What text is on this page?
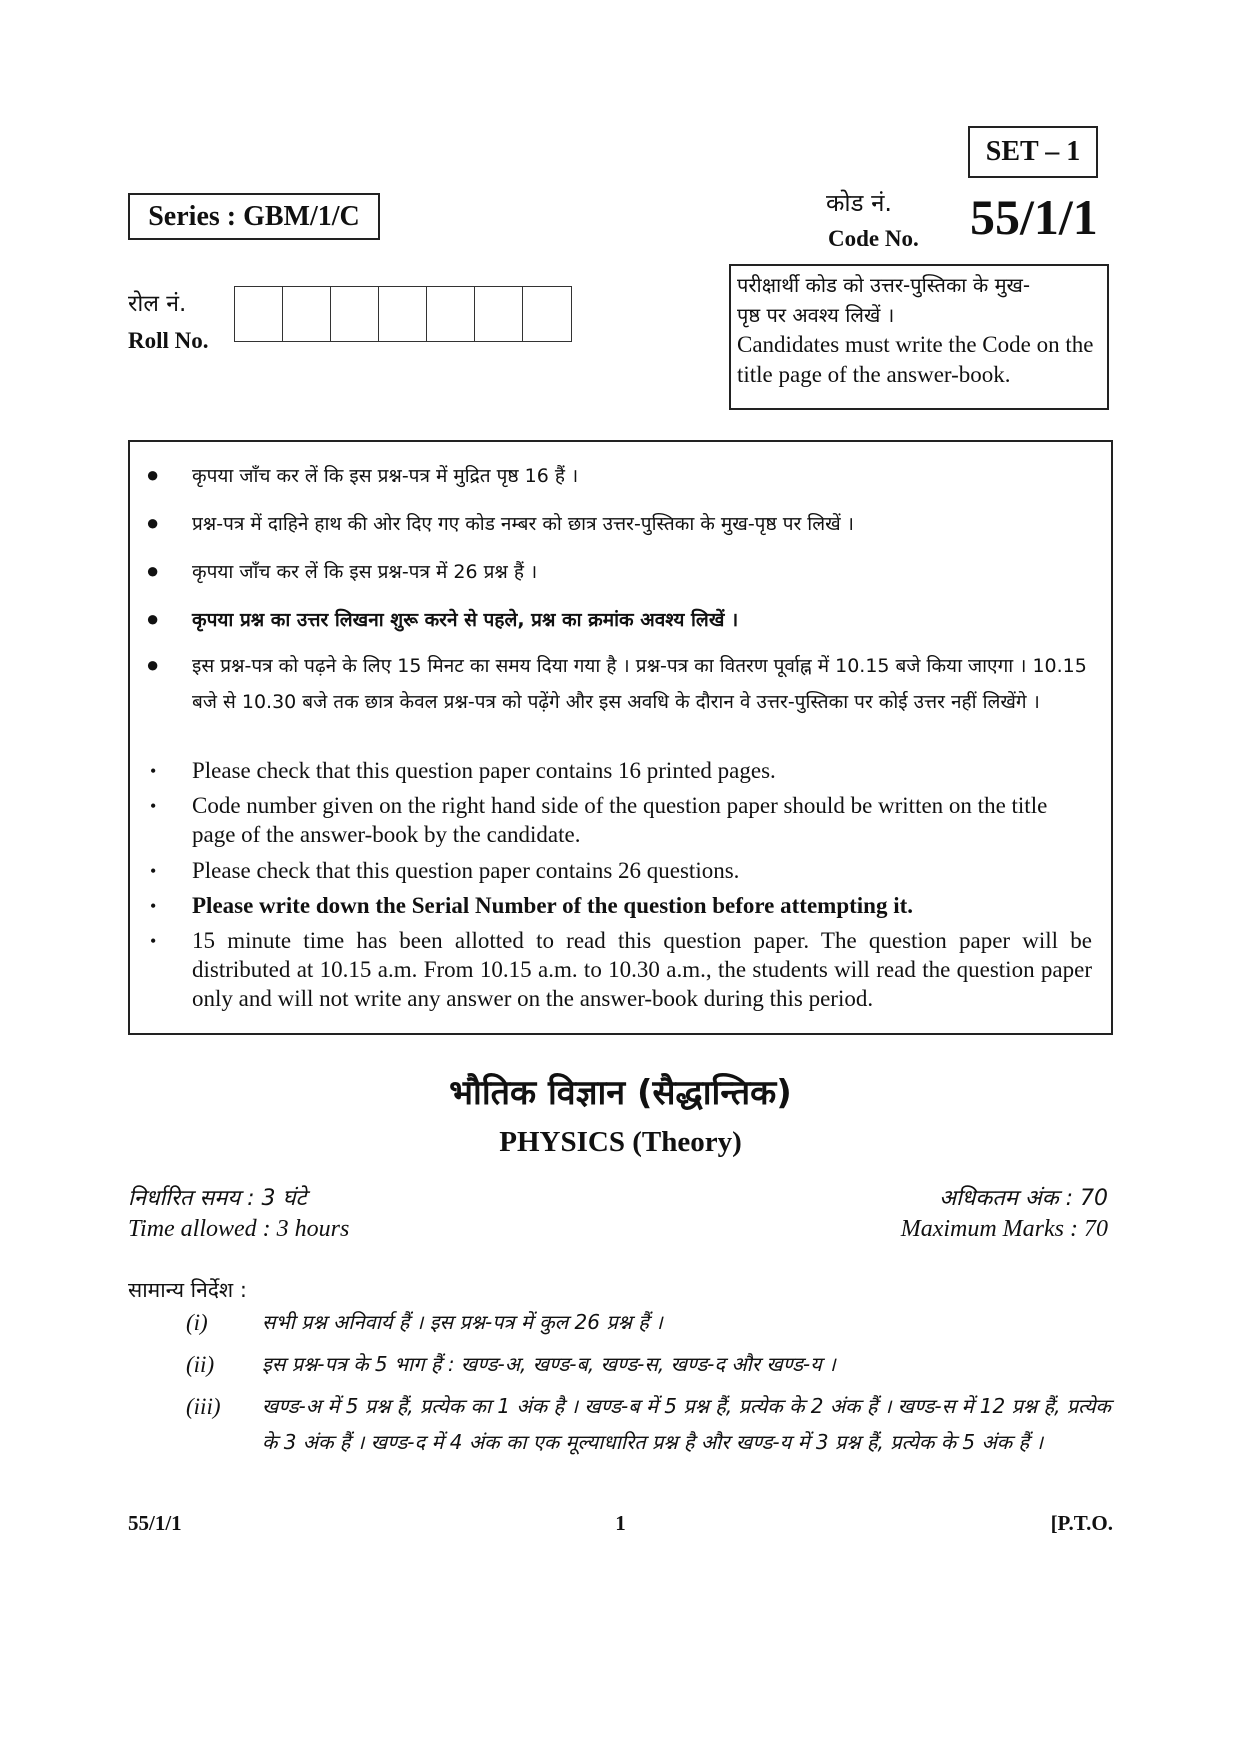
SET – 1
Series : GBM/1/C	कोड नं.
Code No. 55/1/1
रोल नं.
Roll No.
परीक्षार्थी कोड को उत्तर-पुस्तिका के मुख-
पृष्ठ पर अवश्य लिखें ।
Candidates must write the Code on the title page of the answer-book.
● कृपया जाँच कर लें कि इस प्रश्न-पत्र में मुद्रित पृष्ठ 16 हैं ।
● प्रश्न-पत्र में दाहिने हाथ की ओर दिए गए कोड नम्बर को छात्र उत्तर-पुस्तिका के मुख-पृष्ठ पर लिखें ।
● कृपया जाँच कर लें कि इस प्रश्न-पत्र में 26 प्रश्न हैं ।
● कृपया प्रश्न का उत्तर लिखना शुरू करने से पहले, प्रश्न का क्रमांक अवश्य लिखें ।
● इस प्रश्न-पत्र को पढ़ने के लिए 15 मिनट का समय दिया गया है । प्रश्न-पत्र का वितरण पूर्वाह्न में 10.15 बजे किया जाएगा । 10.15 बजे से 10.30 बजे तक छात्र केवल प्रश्न-पत्र को पढ़ेंगे और इस अवधि के दौरान वे उत्तर-पुस्तिका पर कोई उत्तर नहीं लिखेंगे ।
• Please check that this question paper contains 16 printed pages.
• Code number given on the right hand side of the question paper should be written on the title page of the answer-book by the candidate.
• Please check that this question paper contains 26 questions.
• Please write down the Serial Number of the question before attempting it.
• 15 minute time has been allotted to read this question paper. The question paper will be distributed at 10.15 a.m. From 10.15 a.m. to 10.30 a.m., the students will read the question paper only and will not write any answer on the answer-book during this period.
भौतिक विज्ञान (सैद्धान्तिक)
PHYSICS (Theory)
निर्धारित समय : 3 घंटे
Time allowed : 3 hours
अधिकतम अंक : 70
Maximum Marks : 70
सामान्य निर्देश :
(i)	सभी प्रश्न अनिवार्य हैं । इस प्रश्न-पत्र में कुल 26 प्रश्न हैं ।
(ii) इस प्रश्न-पत्र के 5 भाग हैं : खण्ड-अ, खण्ड-ब, खण्ड-स, खण्ड-द और खण्ड-य ।
(iii) खण्ड-अ में 5 प्रश्न हैं, प्रत्येक का 1 अंक है । खण्ड-ब में 5 प्रश्न हैं, प्रत्येक के 2 अंक हैं । खण्ड-स में 12 प्रश्न हैं, प्रत्येक के 3 अंक हैं । खण्ड-द में 4 अंक का एक मूल्याधारित प्रश्न है और खण्ड-य में 3 प्रश्न हैं, प्रत्येक के 5 अंक हैं ।
55/1/1	1	[P.T.O.
